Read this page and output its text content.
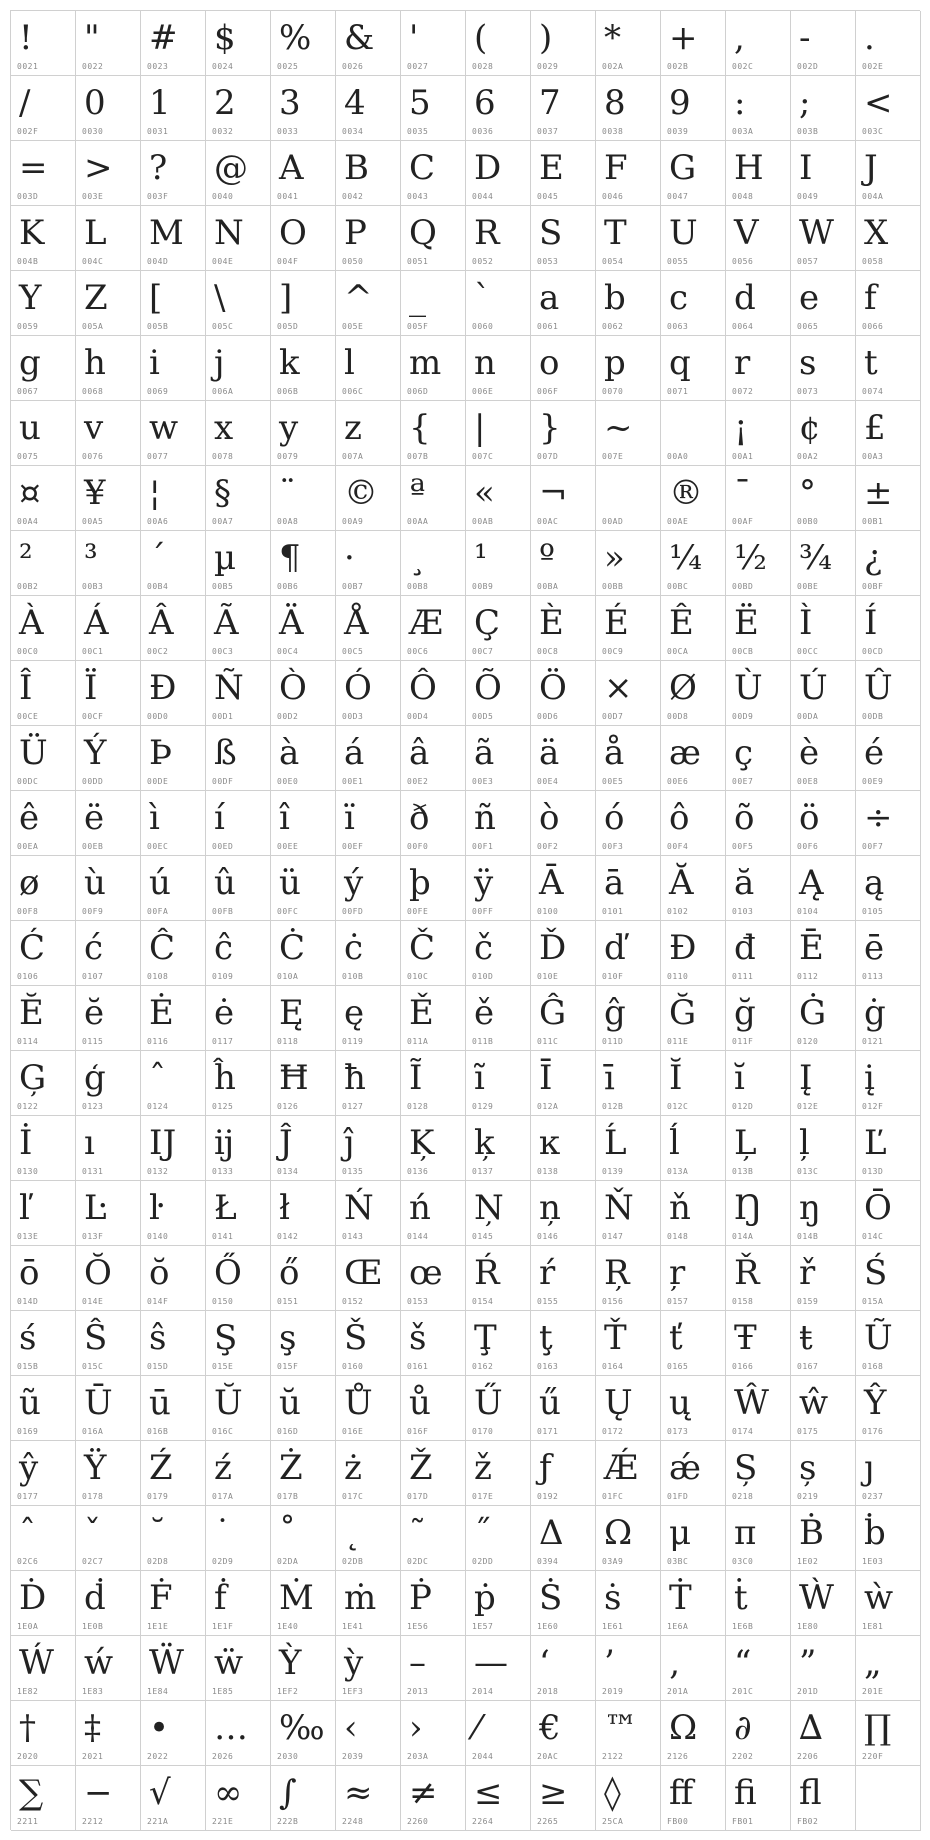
!
0021
"
0022
#
0023
$
0024
%
0025
&
0026
'
0027
(
0028
)
0029
*
002A
+
002B
,
002C
-
002D
.
002E
/
002F
0
0030
1
0031
2
0032
3
0033
4
0034
5
0035
6
0036
7
0037
8
0038
9
0039
:
003A
;
003B
<
003C
=
003D
>
003E
?
003F
@
0040
A
0041
B
0042
C
0043
D
0044
E
0045
F
0046
G
0047
H
0048
I
0049
J
004A
K
004B
L
004C
M
004D
N
004E
O
004F
P
0050
Q
0051
R
0052
S
0053
T
0054
U
0055
V
0056
W
0057
X
0058
Y
0059
Z
005A
[
005B
\
005C
]
005D
^
005E
_
005F
`
0060
a
0061
b
0062
c
0063
d
0064
e
0065
f
0066
g
0067
h
0068
i
0069
j
006A
k
006B
l
006C
m
006D
n
006E
o
006F
p
0070
q
0071
r
0072
s
0073
t
0074
u
0075
v
0076
w
0077
x
0078
y
0079
z
007A
{
007B
|
007C
}
007D
~
007E	00A0
¡
00A1
¢
00A2
£
00A3
¤
00A4
¥
00A5
¦
00A6
§
00A7
¨
00A8
©
00A9
ª
00AA
«
00AB
¬
00AC	00AD
®
00AE
¯
00AF
°
00B0
±
00B1
²
00B2
³
00B3
´
00B4
µ
00B5
¶
00B6
·
00B7
¸
00B8
¹
00B9
º
00BA
»
00BB
¼
00BC
½
00BD
¾
00BE
¿
00BF
À
00C0
Á
00C1
Â
00C2
Ã
00C3
Ä
00C4
Å
00C5
Æ
00C6
Ç
00C7
È
00C8
É
00C9
Ê
00CA
Ë
00CB
Ì
00CC
Í
00CD
Î
00CE
Ï
00CF
Ð
00D0
Ñ
00D1
Ò
00D2
Ó
00D3
Ô
00D4
Õ
00D5
Ö
00D6
×
00D7
Ø
00D8
Ù
00D9
Ú
00DA
Û
00DB
Ü
00DC
Ý
00DD
Þ
00DE
ß
00DF
à
00E0
á
00E1
â
00E2
ã
00E3
ä
00E4
å
00E5
æ
00E6
ç
00E7
è
00E8
é
00E9
ê
00EA
ë
00EB
ì
00EC
í
00ED
î
00EE
ï
00EF
ð
00F0
ñ
00F1
ò
00F2
ó
00F3
ô
00F4
õ
00F5
ö
00F6
÷
00F7
ø
00F8
ù
00F9
ú
00FA
û
00FB
ü
00FC
ý
00FD
þ
00FE
ÿ
00FF
Ā
0100
ā
0101
Ă
0102
ă
0103
Ą
0104
ą
0105
Ć
0106
ć
0107
Ĉ
0108
ĉ
0109
Ċ
010A
ċ
010B
Č
010C
č
010D
Ď
010E
ď
010F
Đ
0110
đ
0111
Ē
0112
ē
0113
Ĕ
0114
ĕ
0115
Ė
0116
ė
0117
Ę
0118
ę
0119
Ě
011A
ě
011B
Ĝ
011C
ĝ
011D
Ğ
011E
ğ
011F
Ġ
0120
ġ
0121
Ģ
0122
ģ
0123
ˆ
0124
ĥ
0125
Ħ
0126
ħ
0127
Ĩ
0128
ĩ
0129
Ī
012A
ī
012B
Ĭ
012C
ĭ
012D
Į
012E
į
012F
İ
0130
ı
0131
Ĳ
0132
ĳ
0133
Ĵ
0134
ĵ
0135
Ķ
0136
ķ
0137
ĸ
0138
Ĺ
0139
ĺ
013A
Ļ
013B
ļ
013C
Ľ
013D
ľ
013E
Ŀ
013F
ŀ
0140
Ł
0141
ł
0142
Ń
0143
ń
0144
Ņ
0145
ņ
0146
Ň
0147
ň
0148
Ŋ
014A
ŋ
014B
Ō
014C
ō
014D
Ŏ
014E
ŏ
014F
Ő
0150
ő
0151
Œ
0152
œ
0153
Ŕ
0154
ŕ
0155
Ŗ
0156
ŗ
0157
Ř
0158
ř
0159
Ś
015A
ś
015B
Ŝ
015C
ŝ
015D
Ş
015E
ş
015F
Š
0160
š
0161
Ţ
0162
ţ
0163
Ť
0164
ť
0165
Ŧ
0166
ŧ
0167
Ũ
0168
ũ
0169
Ū
016A
ū
016B
Ŭ
016C
ŭ
016D
Ů
016E
ů
016F
Ű
0170
ű
0171
Ų
0172
ų
0173
Ŵ
0174
ŵ
0175
Ŷ
0176
ŷ
0177
Ÿ
0178
Ź
0179
ź
017A
Ż
017B
ż
017C
Ž
017D
ž
017E
ƒ
0192
Ǽ
01FC
ǽ
01FD
Ș
0218
ș
0219
ȷ
0237
ˆ
02C6
ˇ
02C7
˘
02D8
˙
02D9
˚
02DA
˛
02DB
˜
02DC
˝
02DD
Δ
0394
Ω
03A9
μ
03BC
π
03C0
Ḃ
1E02
ḃ
1E03
Ḋ
1E0A
ḋ
1E0B
Ḟ
1E1E
ḟ
1E1F
Ṁ
1E40
ṁ
1E41
Ṗ
1E56
ṗ
1E57
Ṡ
1E60
ṡ
1E61
Ṫ
1E6A
ṫ
1E6B
Ẁ
1E80
ẁ
1E81
Ẃ
1E82
ẃ
1E83
Ẅ
1E84
ẅ
1E85
Ỳ
1EF2
ỳ
1EF3
–
2013
—
2014
‘
2018
’
2019
‚
201A
“
201C
”
201D
„
201E
†
2020
‡
2021
•
2022
…
2026
‰
2030
‹
2039
›
203A
⁄
2044
€
20AC
™
2122
Ω
2126
∂
2202
∆
2206
∏
220F
∑
2211
−
2212
√
221A
∞
221E
∫
222B
≈
2248
≠
2260
≤
2264
≥
2265
◊
25CA
ﬀ
FB00
ﬁ
FB01
ﬂ
FB02
